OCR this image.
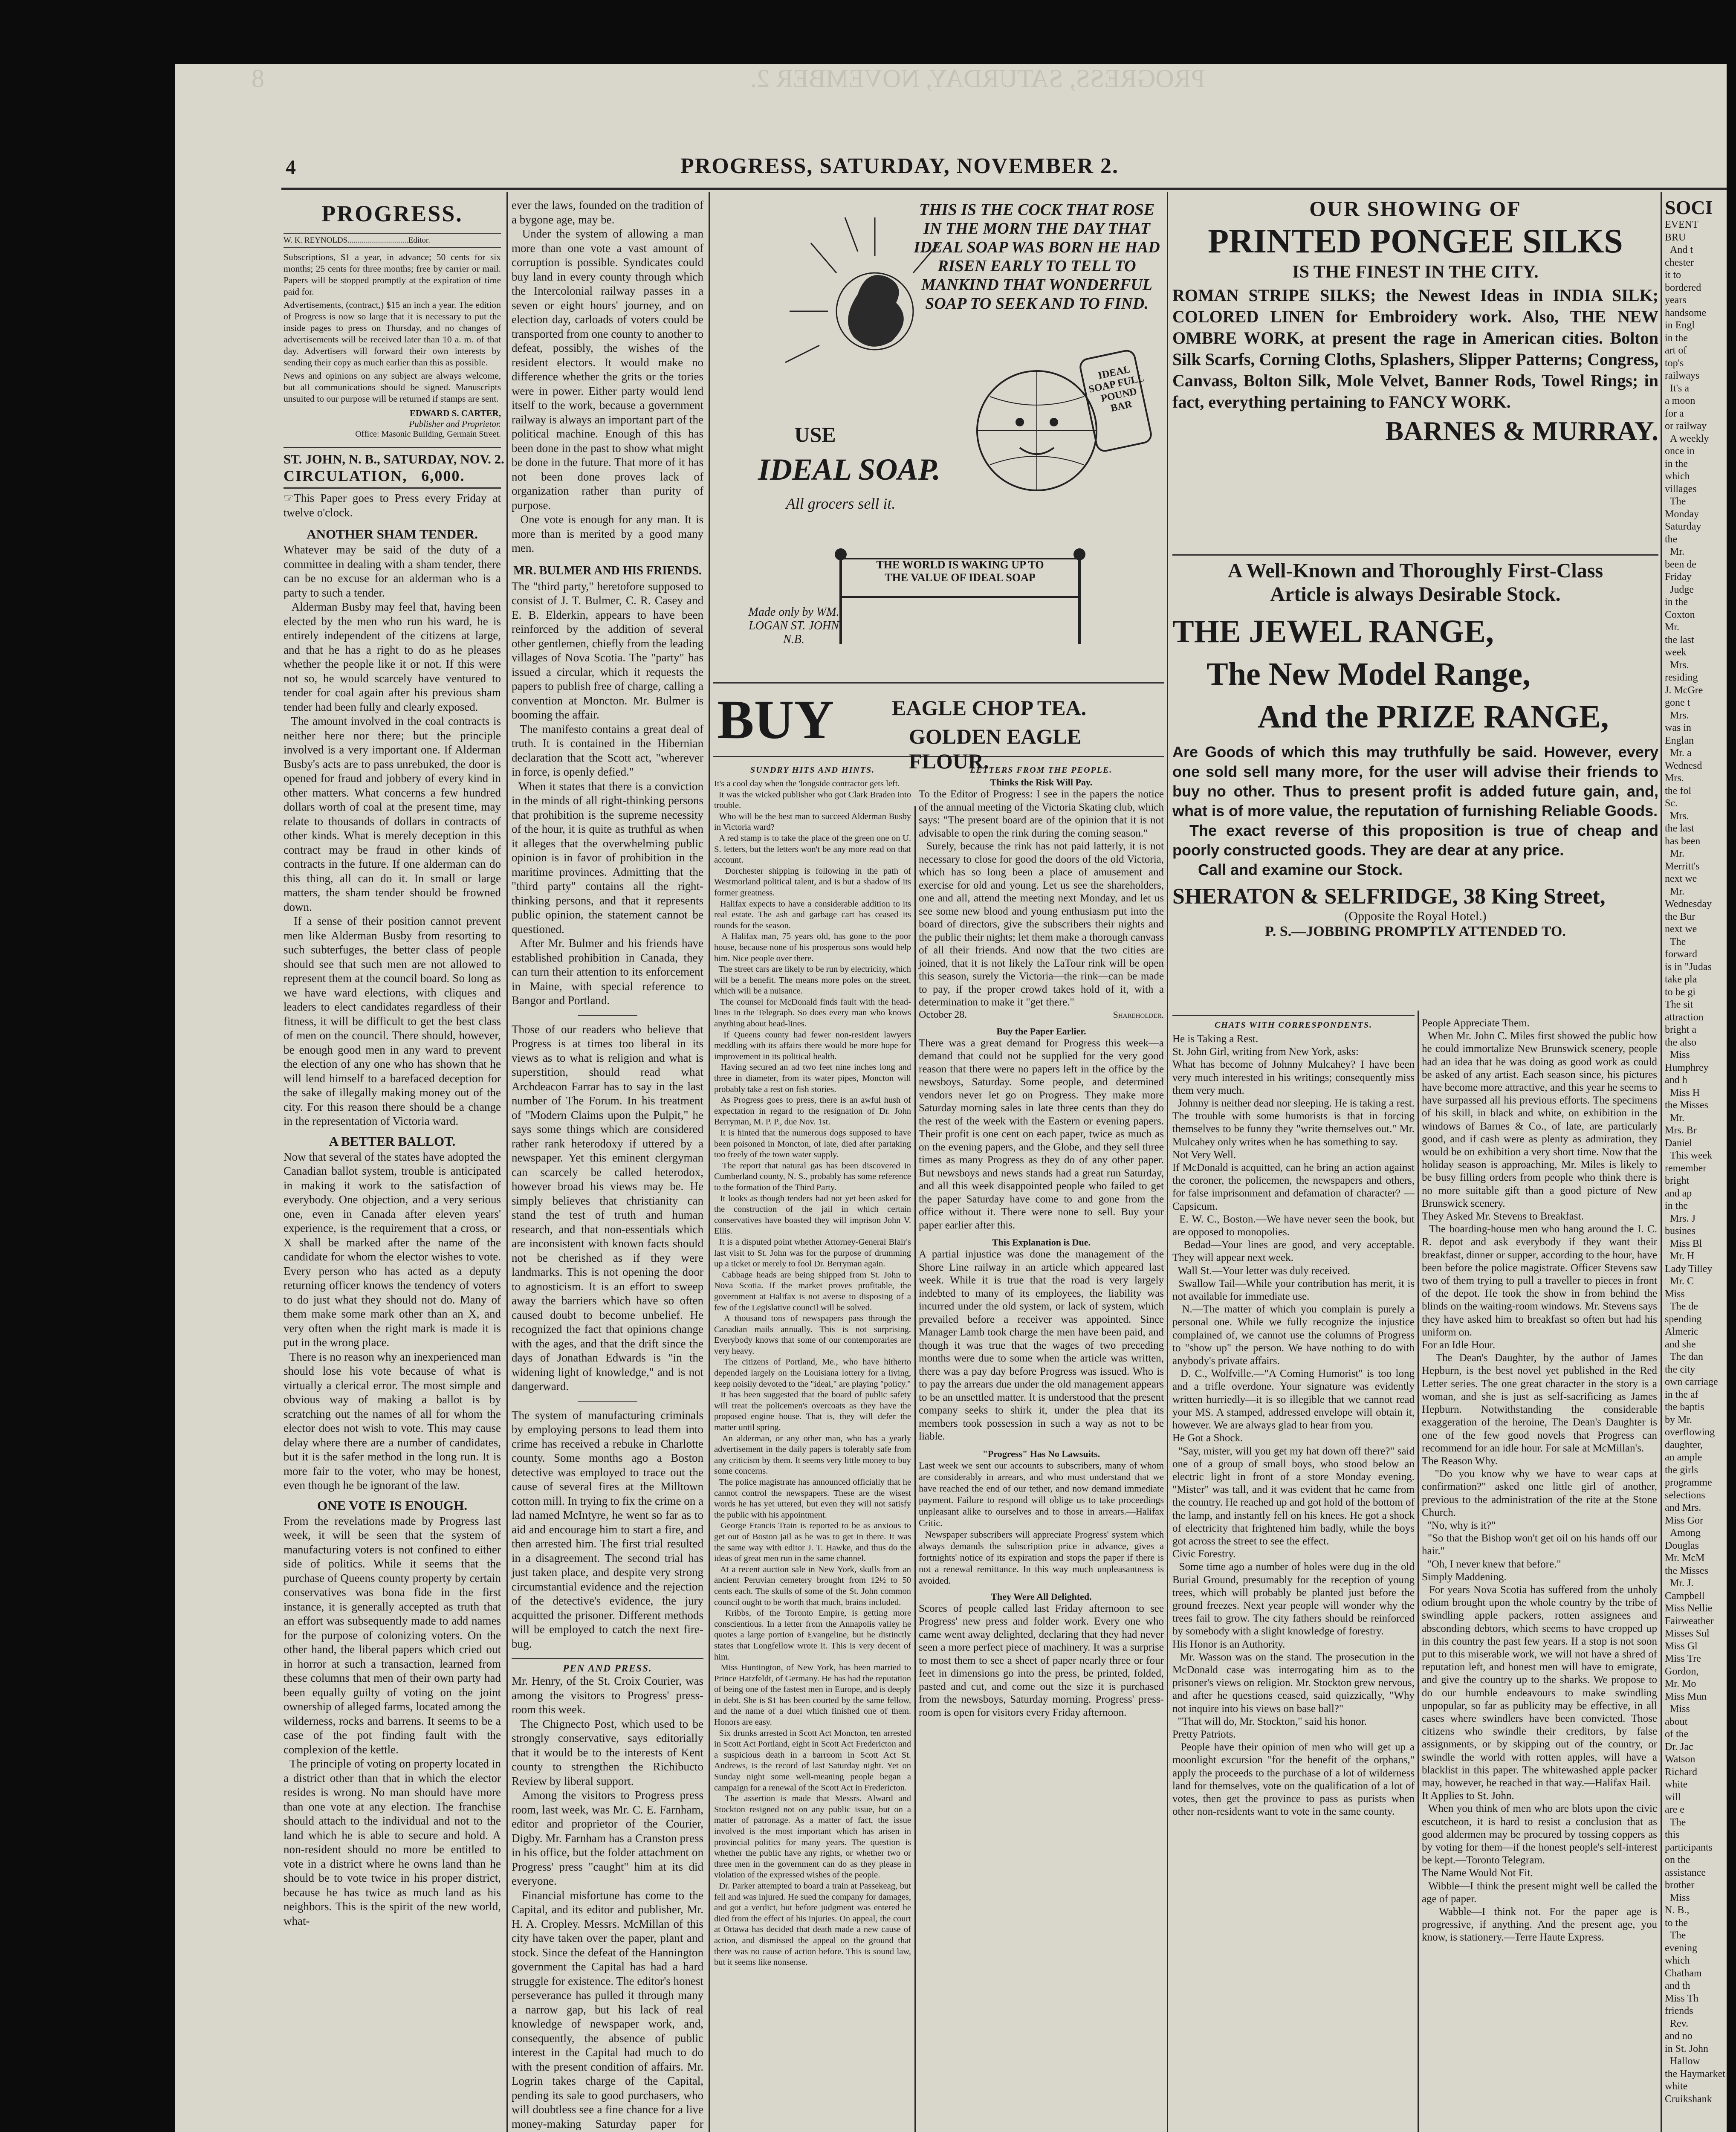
8	PROGRESS, SATURDAY, NOVEMBER 2.
4	PROGRESS, SATURDAY, NOVEMBER 2.
PROGRESS.
W. K. REYNOLDS..............................Editor.
Subscriptions, $1 a year, in advance; 50 cents for six months; 25 cents for three months; free by carrier or mail. Papers will be stopped promptly at the expiration of time paid for.
Advertisements, (contract,) $15 an inch a year. The edition of Progress is now so large that it is necessary to put the inside pages to press on Thursday, and no changes of advertisements will be received later than 10 a. m. of that day. Advertisers will forward their own interests by sending their copy as much earlier than this as possible.
News and opinions on any subject are always welcome, but all communications should be signed. Manuscripts unsuited to our purpose will be returned if stamps are sent.
EDWARD S. CARTER,
Publisher and Proprietor.
Office: Masonic Building, Germain Street.
ST. JOHN, N. B., SATURDAY, NOV. 2.
CIRCULATION,   6,000.
☞This Paper goes to Press every Friday at twelve o'clock.
ANOTHER SHAM TENDER.
Whatever may be said of the duty of a committee in dealing with a sham tender, there can be no excuse for an alderman who is a party to such a tender.
Alderman Busby may feel that, having been elected by the men who run his ward, he is entirely independent of the citizens at large, and that he has a right to do as he pleases whether the people like it or not. If this were not so, he would scarcely have ventured to tender for coal again after his previous sham tender had been fully and clearly exposed.
The amount involved in the coal contracts is neither here nor there; but the principle involved is a very important one. If Alderman Busby's acts are to pass unrebuked, the door is opened for fraud and jobbery of every kind in other matters. What concerns a few hundred dollars worth of coal at the present time, may relate to thousands of dollars in contracts of other kinds. What is merely deception in this contract may be fraud in other kinds of contracts in the future. If one alderman can do this thing, all can do it. In small or large matters, the sham tender should be frowned down.
If a sense of their position cannot prevent men like Alderman Busby from resorting to such subterfuges, the better class of people should see that such men are not allowed to represent them at the council board. So long as we have ward elections, with cliques and leaders to elect candidates regardless of their fitness, it will be difficult to get the best class of men on the council. There should, however, be enough good men in any ward to prevent the election of any one who has shown that he will lend himself to a barefaced deception for the sake of illegally making money out of the city. For this reason there should be a change in the representation of Victoria ward.
A BETTER BALLOT.
Now that several of the states have adopted the Canadian ballot system, trouble is anticipated in making it work to the satisfaction of everybody. One objection, and a very serious one, even in Canada after eleven years' experience, is the requirement that a cross, or X shall be marked after the name of the candidate for whom the elector wishes to vote. Every person who has acted as a deputy returning officer knows the tendency of voters to do just what they should not do. Many of them make some mark other than an X, and very often when the right mark is made it is put in the wrong place.
There is no reason why an inexperienced man should lose his vote because of what is virtually a clerical error. The most simple and obvious way of making a ballot is by scratching out the names of all for whom the elector does not wish to vote. This may cause delay where there are a number of candidates, but it is the safer method in the long run. It is more fair to the voter, who may be honest, even though he be ignorant of the law.
ONE VOTE IS ENOUGH.
From the revelations made by Progress last week, it will be seen that the system of manufacturing voters is not confined to either side of politics. While it seems that the purchase of Queens county property by certain conservatives was bona fide in the first instance, it is generally accepted as truth that an effort was subsequently made to add names for the purpose of colonizing voters. On the other hand, the liberal papers which cried out in horror at such a transaction, learned from these columns that men of their own party had been equally guilty of voting on the joint ownership of alleged farms, located among the wilderness, rocks and barrens. It seems to be a case of the pot finding fault with the complexion of the kettle.
The principle of voting on property located in a district other than that in which the elector resides is wrong. No man should have more than one vote at any election. The franchise should attach to the individual and not to the land which he is able to secure and hold. A non-resident should no more be entitled to vote in a district where he owns land than he should be to vote twice in his proper district, because he has twice as much land as his neighbors. This is the spirit of the new world, what-
ever the laws, founded on the tradition of a bygone age, may be.
Under the system of allowing a man more than one vote a vast amount of corruption is possible. Syndicates could buy land in every county through which the Intercolonial railway passes in a seven or eight hours' journey, and on election day, carloads of voters could be transported from one county to another to defeat, possibly, the wishes of the resident electors. It would make no difference whether the grits or the tories were in power. Either party would lend itself to the work, because a government railway is always an important part of the political machine. Enough of this has been done in the past to show what might be done in the future. That more of it has not been done proves lack of organization rather than purity of purpose.
One vote is enough for any man. It is more than is merited by a good many men.
MR. BULMER AND HIS FRIENDS.
The "third party," heretofore supposed to consist of J. T. Bulmer, C. R. Casey and E. B. Elderkin, appears to have been reinforced by the addition of several other gentlemen, chiefly from the leading villages of Nova Scotia. The "party" has issued a circular, which it requests the papers to publish free of charge, calling a convention at Moncton. Mr. Bulmer is booming the affair.
The manifesto contains a great deal of truth. It is contained in the Hibernian declaration that the Scott act, "wherever in force, is openly defied."
When it states that there is a conviction in the minds of all right-thinking persons that prohibition is the supreme necessity of the hour, it is quite as truthful as when it alleges that the overwhelming public opinion is in favor of prohibition in the maritime provinces. Admitting that the "third party" contains all the right-thinking persons, and that it represents public opinion, the statement cannot be questioned.
After Mr. Bulmer and his friends have established prohibition in Canada, they can turn their attention to its enforcement in Maine, with special reference to Bangor and Portland.
Those of our readers who believe that Progress is at times too liberal in its views as to what is religion and what is superstition, should read what Archdeacon Farrar has to say in the last number of The Forum. In his treatment of "Modern Claims upon the Pulpit," he says some things which are considered rather rank heterodoxy if uttered by a newspaper. Yet this eminent clergyman can scarcely be called heterodox, however broad his views may be. He simply believes that christianity can stand the test of truth and human research, and that non-essentials which are inconsistent with known facts should not be cherished as if they were landmarks. This is not opening the door to agnosticism. It is an effort to sweep away the barriers which have so often caused doubt to become unbelief. He recognized the fact that opinions change with the ages, and that the drift since the days of Jonathan Edwards is "in the widening light of knowledge," and is not dangerward.
The system of manufacturing criminals by employing persons to lead them into crime has received a rebuke in Charlotte county. Some months ago a Boston detective was employed to trace out the cause of several fires at the Milltown cotton mill. In trying to fix the crime on a lad named McIntyre, he went so far as to aid and encourage him to start a fire, and then arrested him. The first trial resulted in a disagreement. The second trial has just taken place, and despite very strong circumstantial evidence and the rejection of the detective's evidence, the jury acquitted the prisoner. Different methods will be employed to catch the next fire-bug.
PEN AND PRESS.
Mr. Henry, of the St. Croix Courier, was among the visitors to Progress' press-room this week.
The Chignecto Post, which used to be strongly conservative, says editorially that it would be to the interests of Kent county to strengthen the Richibucto Review by liberal support.
Among the visitors to Progress press room, last week, was Mr. C. E. Farnham, editor and proprietor of the Courier, Digby. Mr. Farnham has a Cranston press in his office, but the folder attachment on Progress' press "caught" him at its did everyone.
Financial misfortune has come to the Capital, and its editor and publisher, Mr. H. A. Cropley. Messrs. McMillan of this city have taken over the paper, plant and stock. Since the defeat of the Hannington government the Capital has had a hard struggle for existence. The editor's honest perseverance has pulled it through many a narrow gap, but his lack of real knowledge of newspaper work, and, consequently, the absence of public interest in the Capital had much to do with the present condition of affairs. Mr. Logrin takes charge of the Capital, pending its sale to good purchasers, who will doubtless see a fine chance for a live money-making Saturday paper for
THIS IS THE COCK THAT ROSE IN THE MORN THE DAY THAT IDEAL SOAP WAS BORN HE HAD RISEN EARLY TO TELL TO MANKIND THAT WONDERFUL SOAP TO SEEK AND TO FIND.
USE
IDEAL SOAP.
All grocers sell it.
IDEAL SOAP FULL POUND BAR
THE WORLD IS WAKING UP TO THE VALUE OF IDEAL SOAP
Made only by WM. LOGAN ST. JOHN N.B.
BUY	EAGLE CHOP TEA.
GOLDEN EAGLE FLOUR.
SUNDRY HITS AND HINTS.
It's a cool day when the 'longside contractor gets left.
It was the wicked publisher who got Clark Braden into trouble.
Who will be the best man to succeed Alderman Busby in Victoria ward?
A red stamp is to take the place of the green one on U. S. letters, but the letters won't be any more read on that account.
Dorchester shipping is following in the path of Westmorland political talent, and is but a shadow of its former greatness.
Halifax expects to have a considerable addition to its real estate. The ash and garbage cart has ceased its rounds for the season.
A Halifax man, 75 years old, has gone to the poor house, because none of his prosperous sons would help him. Nice people over there.
The street cars are likely to be run by electricity, which will be a benefit. The means more poles on the street, which will be a nuisance.
The counsel for McDonald finds fault with the head-lines in the Telegraph. So does every man who knows anything about head-lines.
If Queens county had fewer non-resident lawyers meddling with its affairs there would be more hope for improvement in its political health.
Having secured an ad two feet nine inches long and three in diameter, from its water pipes, Moncton will probably take a rest on fish stories.
As Progress goes to press, there is an awful hush of expectation in regard to the resignation of Dr. John Berryman, M. P. P., due Nov. 1st.
It is hinted that the numerous dogs supposed to have been poisoned in Moncton, of late, died after partaking too freely of the town water supply.
The report that natural gas has been discovered in Cumberland county, N. S., probably has some reference to the formation of the Third Party.
It looks as though tenders had not yet been asked for the construction of the jail in which certain conservatives have boasted they will imprison John V. Ellis.
It is a disputed point whether Attorney-General Blair's last visit to St. John was for the purpose of drumming up a ticket or merely to fool Dr. Berryman again.
Cabbage heads are being shipped from St. John to Nova Scotia. If the market proves profitable, the government at Halifax is not averse to disposing of a few of the Legislative council will be solved.
A thousand tons of newspapers pass through the Canadian mails annually. This is not surprising. Everybody knows that some of our contemporaries are very heavy.
The citizens of Portland, Me., who have hitherto depended largely on the Louisiana lottery for a living, keep noisily devoted to the "ideal," are playing "policy."
It has been suggested that the board of public safety will treat the policemen's overcoats as they have the proposed engine house. That is, they will defer the matter until spring.
An alderman, or any other man, who has a yearly advertisement in the daily papers is tolerably safe from any criticism by them. It seems very little money to buy some concerns.
The police magistrate has announced officially that he cannot control the newspapers. These are the wisest words he has yet uttered, but even they will not satisfy the public with his appointment.
George Francis Train is reported to be as anxious to get out of Boston jail as he was to get in there. It was the same way with editor J. T. Hawke, and thus do the ideas of great men run in the same channel.
At a recent auction sale in New York, skulls from an ancient Peruvian cemetery brought from 12½ to 50 cents each. The skulls of some of the St. John common council ought to be worth that much, brains included.
Kribbs, of the Toronto Empire, is getting more conscientious. In a letter from the Annapolis valley he quotes a large portion of Evangeline, but he distinctly states that Longfellow wrote it. This is very decent of him.
Miss Huntington, of New York, has been married to Prince Hatzfeldt, of Germany. He has had the reputation of being one of the fastest men in Europe, and is deeply in debt. She is $1 has been courted by the same fellow, and the name of a duel which finished one of them. Honors are easy.
Six drunks arrested in Scott Act Moncton, ten arrested in Scott Act Portland, eight in Scott Act Fredericton and a suspicious death in a barroom in Scott Act St. Andrews, is the record of last Saturday night. Yet on Sunday night some well-meaning people began a campaign for a renewal of the Scott Act in Fredericton.
The assertion is made that Messrs. Alward and Stockton resigned not on any public issue, but on a matter of patronage. As a matter of fact, the issue involved is the most important which has arisen in provincial politics for many years. The question is whether the public have any rights, or whether two or three men in the government can do as they please in violation of the expressed wishes of the people.
Dr. Parker attempted to board a train at Passekeag, but fell and was injured. He sued the company for damages, and got a verdict, but before judgment was entered he died from the effect of his injuries. On appeal, the court at Ottawa has decided that death made a new cause of action, and dismissed the appeal on the ground that there was no cause of action before. This is sound law, but it seems like nonsense.
LETTERS FROM THE PEOPLE.
Thinks the Risk Will Pay.
To the Editor of Progress: I see in the papers the notice of the annual meeting of the Victoria Skating club, which says: "The present board are of the opinion that it is not advisable to open the rink during the coming season."
Surely, because the rink has not paid latterly, it is not necessary to close for good the doors of the old Victoria, which has so long been a place of amusement and exercise for old and young. Let us see the shareholders, one and all, attend the meeting next Monday, and let us see some new blood and young enthusiasm put into the board of directors, give the subscribers their nights and the public their nights; let them make a thorough canvass of all their friends. And now that the two cities are joined, that it is not likely the LaTour rink will be open this season, surely the Victoria—the rink—can be made to pay, if the proper crowd takes hold of it, with a determination to make it "get there."
October 28.	Shareholder.
Buy the Paper Earlier.
There was a great demand for Progress this week—a demand that could not be supplied for the very good reason that there were no papers left in the office by the newsboys, Saturday. Some people, and determined vendors never let go on Progress. They make more Saturday morning sales in late three cents than they do the rest of the week with the Eastern or evening papers. Their profit is one cent on each paper, twice as much as on the evening papers, and the Globe, and they sell three times as many Progress as they do of any other paper. But newsboys and news stands had a great run Saturday, and all this week disappointed people who failed to get the paper Saturday have come to and gone from the office without it. There were none to sell. Buy your paper earlier after this.
This Explanation is Due.
A partial injustice was done the management of the Shore Line railway in an article which appeared last week. While it is true that the road is very largely indebted to many of its employees, the liability was incurred under the old system, or lack of system, which prevailed before a receiver was appointed. Since Manager Lamb took charge the men have been paid, and though it was true that the wages of two preceding months were due to some when the article was written, there was a pay day before Progress was issued. Who is to pay the arrears due under the old management appears to be an unsettled matter. It is understood that the present company seeks to shirk it, under the plea that its members took possession in such a way as not to be liable.
"Progress" Has No Lawsuits.
Last week we sent our accounts to subscribers, many of whom are considerably in arrears, and who must understand that we have reached the end of our tether, and now demand immediate payment. Failure to respond will oblige us to take proceedings unpleasant alike to ourselves and to those in arrears.—Halifax Critic.
Newspaper subscribers will appreciate Progress' system which always demands the subscription price in advance, gives a fortnights' notice of its expiration and stops the paper if there is not a renewal remittance. In this way much unpleasantness is avoided.
They Were All Delighted.
Scores of people called last Friday afternoon to see Progress' new press and folder work. Every one who came went away delighted, declaring that they had never seen a more perfect piece of machinery. It was a surprise to most them to see a sheet of paper nearly three or four feet in dimensions go into the press, be printed, folded, pasted and cut, and come out the size it is purchased from the newsboys, Saturday morning. Progress' press-room is open for visitors every Friday afternoon.
OUR SHOWING OF
PRINTED PONGEE SILKS
IS THE FINEST IN THE CITY.
ROMAN STRIPE SILKS; the Newest Ideas in INDIA SILK; COLORED LINEN for Embroidery work. Also, THE NEW OMBRE WORK, at present the rage in American cities. Bolton Silk Scarfs, Corning Cloths, Splashers, Slipper Patterns; Congress, Canvass, Bolton Silk, Mole Velvet, Banner Rods, Towel Rings; in fact, everything pertaining to FANCY WORK.
BARNES & MURRAY.
A Well-Known and Thoroughly First-Class
Article is always Desirable Stock.
THE JEWEL RANGE,
The New Model Range,
And the PRIZE RANGE,
Are Goods of which this may truthfully be said. However, every one sold sell many more, for the user will advise their friends to buy no other. Thus to present profit is added future gain, and, what is of more value, the reputation of furnishing Reliable Goods.
The exact reverse of this proposition is true of cheap and poorly constructed goods. They are dear at any price.
Call and examine our Stock.
SHERATON & SELFRIDGE, 38 King Street,
(Opposite the Royal Hotel.)
P. S.—JOBBING PROMPTLY ATTENDED TO.
CHATS WITH CORRESPONDENTS.
He is Taking a Rest.
St. John Girl, writing from New York, asks:
What has become of Johnny Mulcahey? I have been very much interested in his writings; consequently miss them very much.
Johnny is neither dead nor sleeping. He is taking a rest. The trouble with some humorists is that in forcing themselves to be funny they "write themselves out." Mr. Mulcahey only writes when he has something to say.
Not Very Well.
If McDonald is acquitted, can he bring an action against the coroner, the policemen, the newspapers and others, for false imprisonment and defamation of character? — Capsicum.
E. W. C., Boston.—We have never seen the book, but are opposed to monopolies.
Bedad—Your lines are good, and very acceptable. They will appear next week.
Wall St.—Your letter was duly received.
Swallow Tail—While your contribution has merit, it is not available for immediate use.
N.—The matter of which you complain is purely a personal one. While we fully recognize the injustice complained of, we cannot use the columns of Progress to "show up" the person. We have nothing to do with anybody's private affairs.
D. C., Wolfville.—"A Coming Humorist" is too long and a trifle overdone. Your signature was evidently written hurriedly—it is so illegible that we cannot read your MS. A stamped, addressed envelope will obtain it, however. We are always glad to hear from you.
He Got a Shock.
"Say, mister, will you get my hat down off there?" said one of a group of small boys, who stood below an electric light in front of a store Monday evening. "Mister" was tall, and it was evident that he came from the country. He reached up and got hold of the bottom of the lamp, and instantly fell on his knees. He got a shock of electricity that frightened him badly, while the boys got across the street to see the effect.
Civic Forestry.
Some time ago a number of holes were dug in the old Burial Ground, presumably for the reception of young trees, which will probably be planted just before the ground freezes. Next year people will wonder why the trees fail to grow. The city fathers should be reinforced by somebody with a slight knowledge of forestry.
His Honor is an Authority.
Mr. Wasson was on the stand. The prosecution in the McDonald case was interrogating him as to the prisoner's views on religion. Mr. Stockton grew nervous, and after he questions ceased, said quizzically, "Why not inquire into his views on base ball?"
"That will do, Mr. Stockton," said his honor.
Pretty Patriots.
People have their opinion of men who will get up a moonlight excursion "for the benefit of the orphans," apply the proceeds to the purchase of a lot of wilderness land for themselves, vote on the qualification of a lot of votes, then get the province to pass as purists when other non-residents want to vote in the same county.
People Appreciate Them.
When Mr. John C. Miles first showed the public how he could immortalize New Brunswick scenery, people had an idea that he was doing as good work as could be asked of any artist. Each season since, his pictures have become more attractive, and this year he seems to have surpassed all his previous efforts. The specimens of his skill, in black and white, on exhibition in the windows of Barnes & Co., of late, are particularly good, and if cash were as plenty as admiration, they would be on exhibition a very short time. Now that the holiday season is approaching, Mr. Miles is likely to be busy filling orders from people who think there is no more suitable gift than a good picture of New Brunswick scenery.
They Asked Mr. Stevens to Breakfast.
The boarding-house men who hang around the I. C. R. depot and ask everybody if they want their breakfast, dinner or supper, according to the hour, have been before the police magistrate. Officer Stevens saw two of them trying to pull a traveller to pieces in front of the depot. He took the show in from behind the blinds on the waiting-room windows. Mr. Stevens says they have asked him to breakfast so often but had his uniform on.
For an Idle Hour.
The Dean's Daughter, by the author of James Hepburn, is the best novel yet published in the Red Letter series. The one great character in the story is a woman, and she is just as self-sacrificing as James Hepburn. Notwithstanding the considerable exaggeration of the heroine, The Dean's Daughter is one of the few good novels that Progress can recommend for an idle hour. For sale at McMillan's.
The Reason Why.
"Do you know why we have to wear caps at confirmation?" asked one little girl of another, previous to the administration of the rite at the Stone Church.
"No, why is it?"
"So that the Bishop won't get oil on his hands off our hair."
"Oh, I never knew that before."
Simply Maddening.
For years Nova Scotia has suffered from the unholy odium brought upon the whole country by the tribe of swindling apple packers, rotten assignees and absconding debtors, which seems to have cropped up in this country the past few years. If a stop is not soon put to this miserable work, we will not have a shred of reputation left, and honest men will have to emigrate, and give the country up to the sharks. We propose to do our humble endeavours to make swindling unpopular, so far as publicity may be effective, in all cases where swindlers have been convicted. Those citizens who swindle their creditors, by false assignments, or by skipping out of the country, or swindle the world with rotten apples, will have a blacklist in this paper. The whitewashed apple packer may, however, be reached in that way.—Halifax Hail.
It Applies to St. John.
When you think of men who are blots upon the civic escutcheon, it is hard to resist a conclusion that as good aldermen may be procured by tossing coppers as by voting for them—if the honest people's self-interest be kept.—Toronto Telegram.
The Name Would Not Fit.
Wibble—I think the present might well be called the age of paper.
Wabble—I think not. For the paper age is progressive, if anything. And the present age, you know, is stationery.—Terre Haute Express.
SOCI
EVENT
BRU
And t
chester
it to
bordered
years
handsome
in Engl
in the
art of
top's
railways
It's a
a moon
for a
or railway
A weekly
once in
in the
which
villages
The
Monday
Saturday
the
Mr.
been de
Friday
Judge
in the
Coxton
Mr.
the last
week
Mrs.
residing
J. McGre
gone t
Mrs.
was in
Englan
Mr. a
Wednesd
Mrs.
the fol
Sc.
Mrs.
the last
has been
Mr.
Merritt's
next we
Mr.
Wednesday
the Bur
next we
The
forward
is in "Judas
take pla
to be gi
The sit
attraction
bright a
the also
Miss
Humphrey
and h
Miss H
the Misses
Mr.
Mrs. Br
Daniel
This week
remember
bright
and ap
in the
Mrs. J
busines
Miss Bl
Mr. H
Lady Tilley
Mr. C
Miss
The de
spending
Almeric
and she
The dan
the city
own carriage
in the af
the baptis
by Mr.
overflowing
daughter,
an ample
the girls
programme
selections
and Mrs.
Miss Gor
Among
Douglas
Mr. McM
the Misses
Mr. J.
Campbell
Miss Nellie
Fairweather
Misses Sul
Miss Gl
Miss Tre
Gordon,
Mr. Mo
Miss Mun
Miss
about
of the
Dr. Jac
Watson
Richard
white
will
are e
The
this
participants
on the
assistance
brother
Miss
N. B.,
to the
The
evening
which
Chatham
and th
Miss Th
friends
Rev.
and no
in St. John
Hallow
the Haymarket
white
Cruikshank
